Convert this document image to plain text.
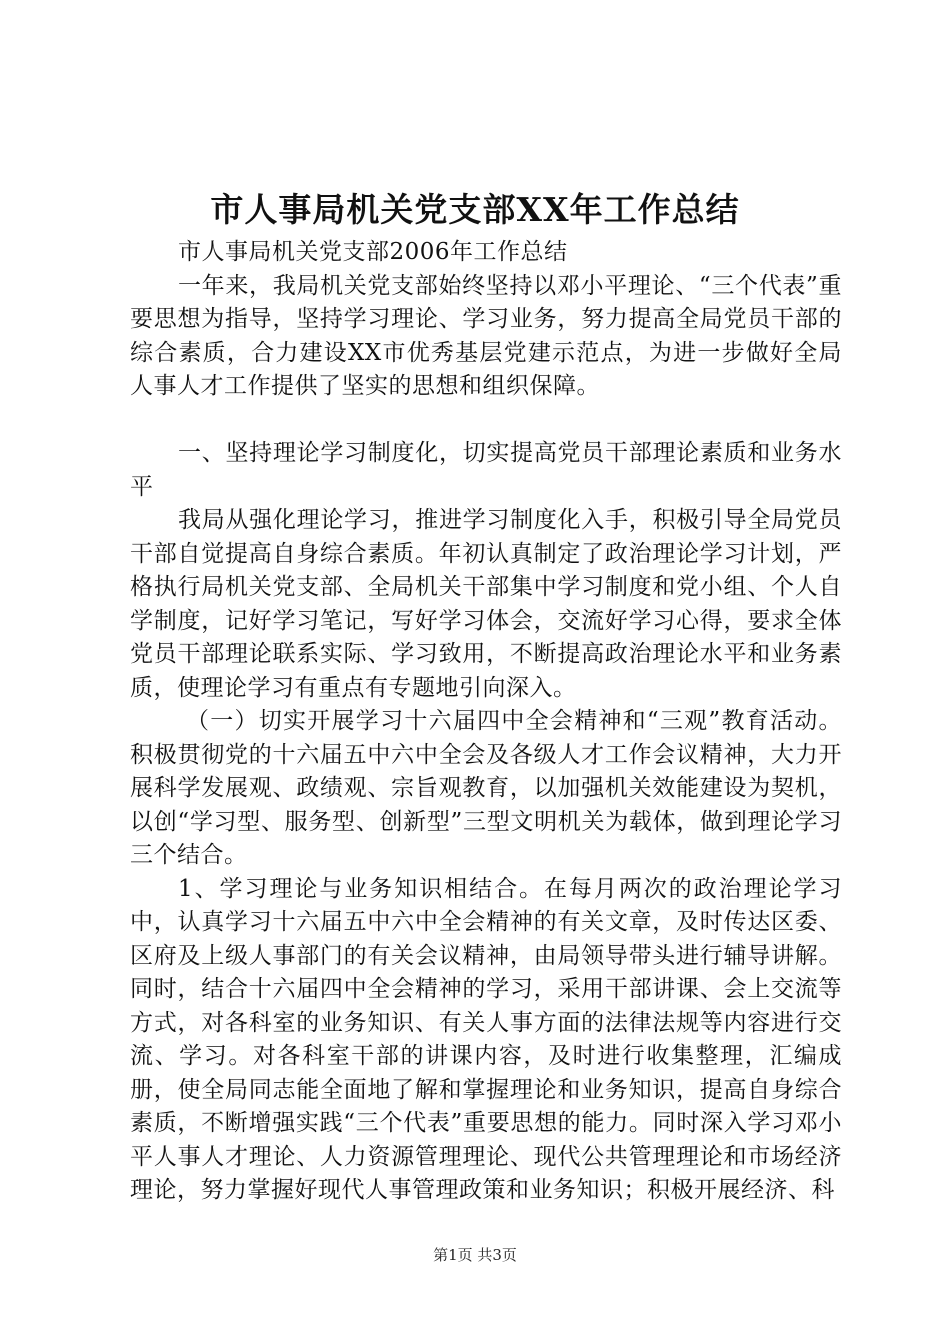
市人事局机关党支部XX年工作总结

市人事局机关党支部2006年工作总结

一年来，我局机关党支部始终坚持以邓小平理论、“三个代表”重要思想为指导，坚持学习理论、学习业务，努力提高全局党员干部的综合素质，合力建设XX市优秀基层党建示范点，为进一步做好全局人事人才工作提供了坚实的思想和组织保障。

一、坚持理论学习制度化，切实提高党员干部理论素质和业务水平

我局从强化理论学习，推进学习制度化入手，积极引导全局党员干部自觉提高自身综合素质。年初认真制定了政治理论学习计划，严格执行局机关党支部、全局机关干部集中学习制度和党小组、个人自学制度，记好学习笔记，写好学习体会，交流好学习心得，要求全体党员干部理论联系实际、学习致用，不断提高政治理论水平和业务素质，使理论学习有重点有专题地引向深入。

（一）切实开展学习十六届四中全会精神和“三观”教育活动。积极贯彻党的十六届五中六中全会及各级人才工作会议精神，大力开展科学发展观、政绩观、宗旨观教育，以加强机关效能建设为契机，以创“学习型、服务型、创新型”三型文明机关为载体，做到理论学习三个结合。

1、学习理论与业务知识相结合。在每月两次的政治理论学习中，认真学习十六届五中六中全会精神的有关文章，及时传达区委、区府及上级人事部门的有关会议精神，由局领导带头进行辅导讲解。同时，结合十六届四中全会精神的学习，采用干部讲课、会上交流等方式，对各科室的业务知识、有关人事方面的法律法规等内容进行交流、学习。对各科室干部的讲课内容，及时进行收集整理，汇编成册，使全局同志能全面地了解和掌握理论和业务知识，提高自身综合素质，不断增强实践“三个代表”重要思想的能力。同时深入学习邓小平人事人才理论、人力资源管理理论、现代公共管理理论和市场经济理论，努力掌握好现代人事管理政策和业务知识；积极开展经济、科

第1页 共3页
